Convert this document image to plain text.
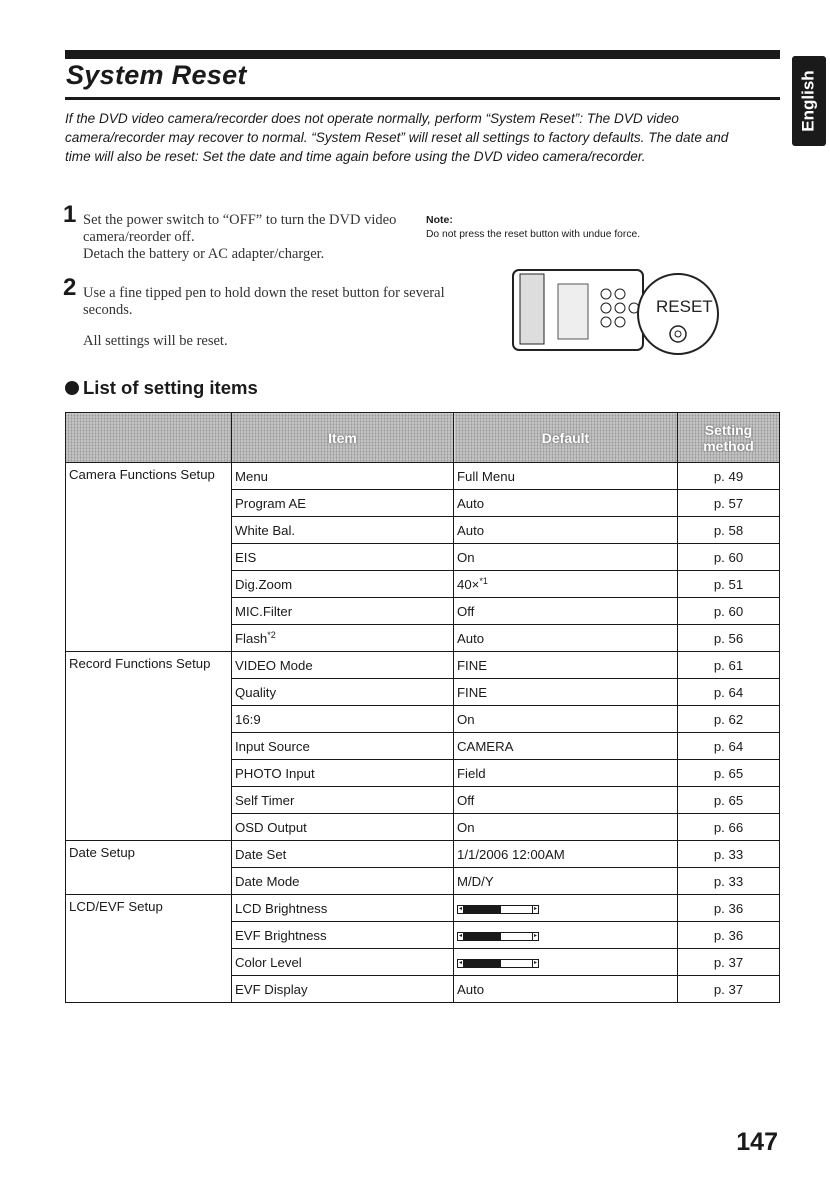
System Reset	English

If the DVD video camera/recorder does not operate normally, perform “System Reset”: The DVD video camera/recorder may recover to normal. “System Reset” will reset all settings to factory defaults. The date and time will also be reset: Set the date and time again before using the DVD video camera/recorder.

1 Set the power switch to “OFF” to turn the DVD video camera/reorder off.
Detach the battery or AC adapter/charger.
2 Use a fine tipped pen to hold down the reset button for several seconds.
All settings will be reset.
Note:
Do not press the reset button with undue force.
RESET
List of setting items
	Item	Default	Setting method
Camera Functions Setup	Menu	Full Menu	p. 49
	Program AE	Auto	p. 57
	White Bal.	Auto	p. 58
	EIS	On	p. 60
	Dig.Zoom	40×$^{*1}$	p. 51
	MIC.Filter	Off	p. 60
	Flash$^{*2}$	Auto	p. 56
Record Functions Setup	VIDEO Mode	FINE	p. 61
	Quality	FINE	p. 64
	16:9	On	p. 62
	Input Source	CAMERA	p. 64
	PHOTO Input	Field	p. 65
	Self Timer	Off	p. 65
	OSD Output	On	p. 66
Date Setup	Date Set	1/1/2006 12:00AM	p. 33
	Date Mode	M/D/Y	p. 33
LCD/EVF Setup	LCD Brightness	◂ ▸	p. 36
	EVF Brightness	◂ ▸	p. 36
	Color Level	◂ ▸	p. 37
	EVF Display	Auto	p. 37
147
